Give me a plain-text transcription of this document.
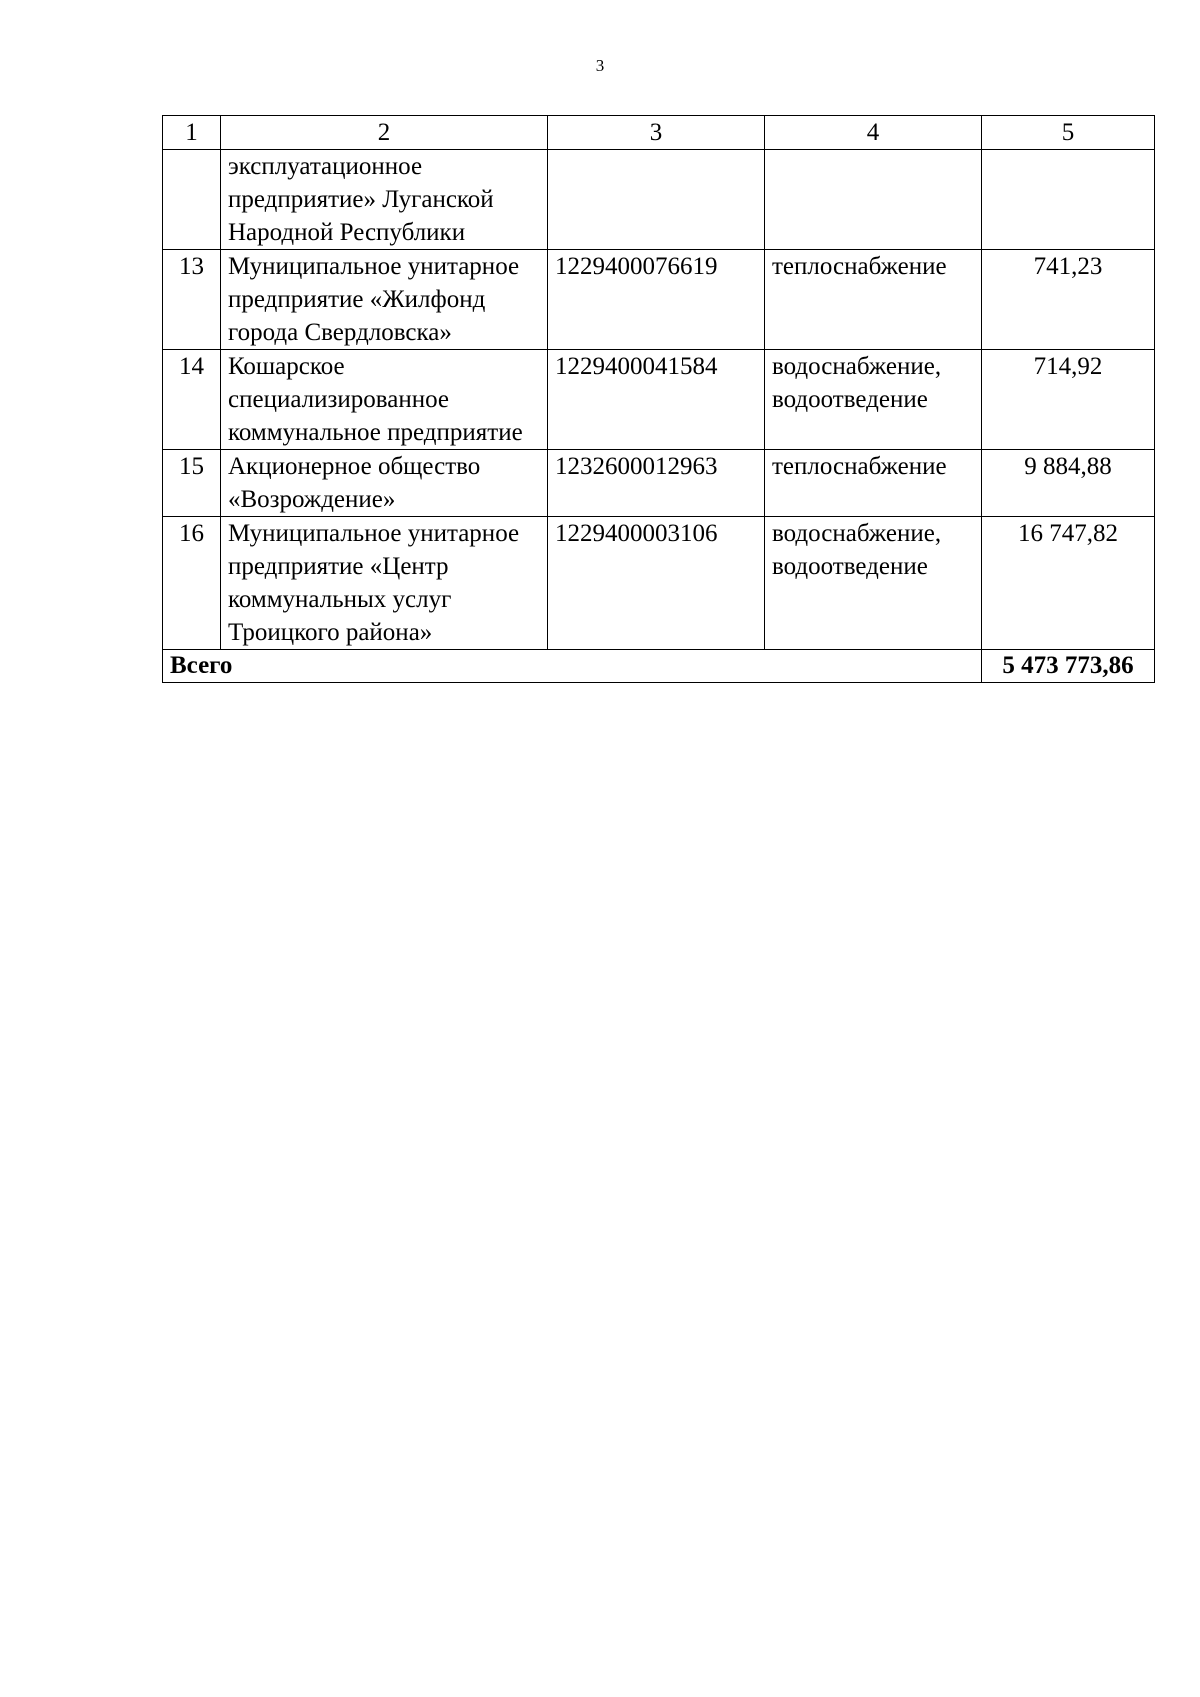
3
1	2	3	4	5
	эксплуатационное предприятие» Луганской Народной Республики			
13	Муниципальное унитарное предприятие «Жилфонд города Свердловска»	1229400076619	теплоснабжение	741,23
14	Кошарское специализированное коммунальное предприятие	1229400041584	водоснабжение, водоотведение	714,92
15	Акционерное общество «Возрождение»	1232600012963	теплоснабжение	9 884,88
16	Муниципальное унитарное предприятие «Центр коммунальных услуг Троицкого района»	1229400003106	водоснабжение, водоотведение	16 747,82
Всего				5 473 773,86
